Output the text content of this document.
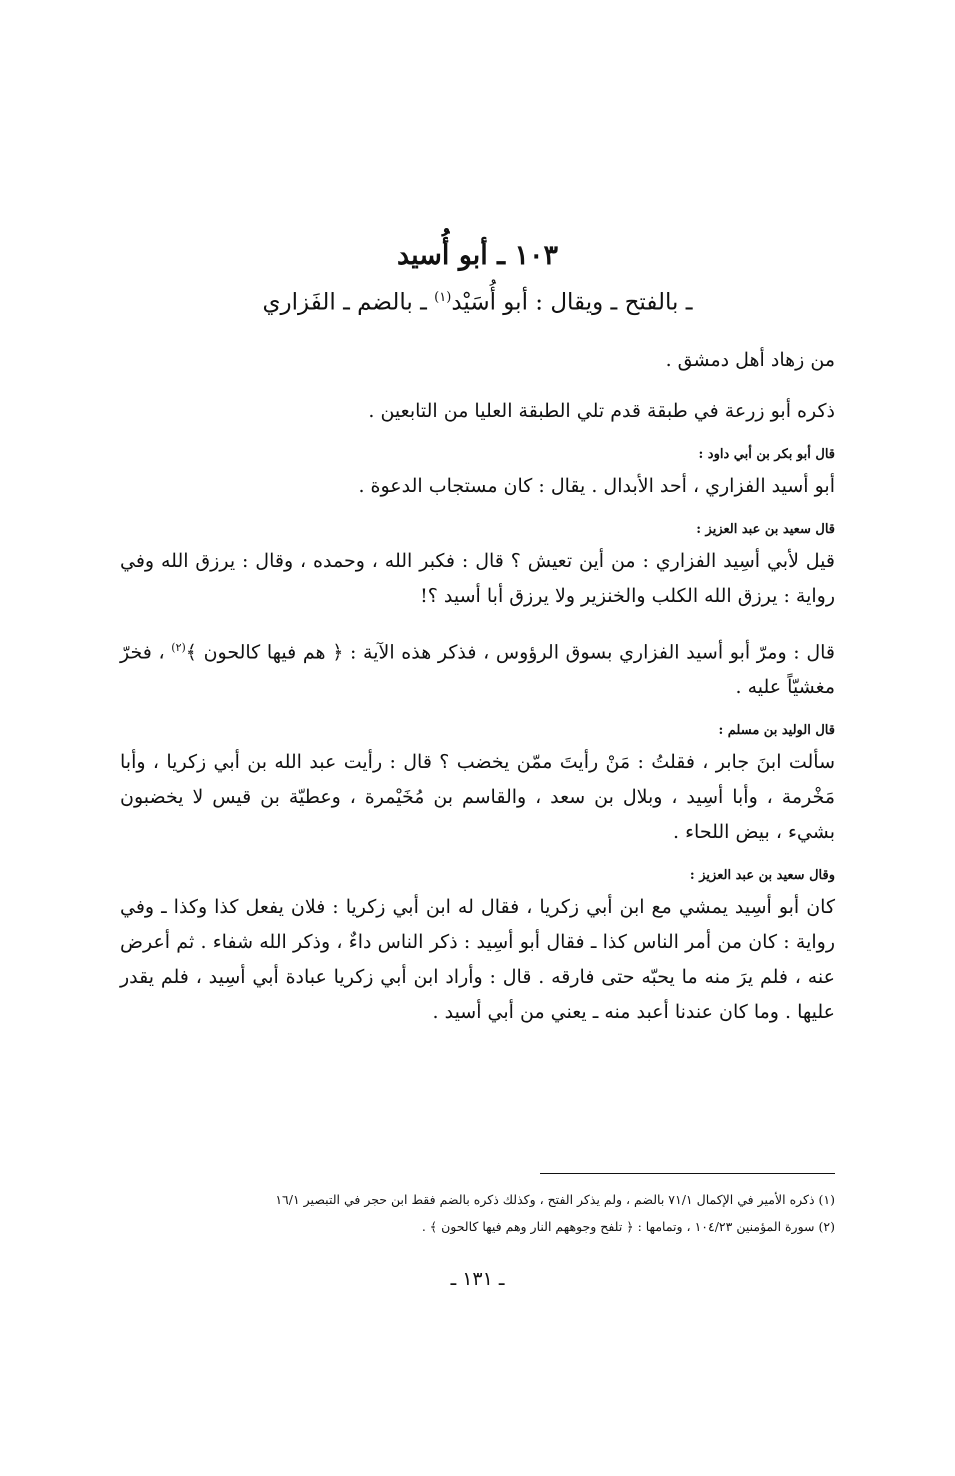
١٠٣ ـ أبو أُسيد
ـ بالفتح ـ ويقال : أبو أُسَيْد$^{(١)}$ ـ بالضم ـ الفَزاري

من زهاد أهل دمشق .

ذكره أبو زرعة في طبقة قدم تلي الطبقة العليا من التابعين .

قال أبو بكر بن أبي داود :

أبو أسيد الفزاري ، أحد الأبدال . يقال : كان مستجاب الدعوة .

قال سعيد بن عبد العزيز :

قيل لأبي أسِيد الفزاري : من أين تعيش ؟ قال : فكبر الله ، وحمده ، وقال : يرزق الله وفي رواية : يرزق الله الكلب والخنزير ولا يرزق أبا أسيد ؟!

قال : ومرّ أبو أسيد الفزاري بسوق الرؤوس ، فذكر هذه الآية : ﴿ هم فيها كالحون ﴾$^{(٢)}$ ، فخرّ مغشيّاً عليه .

قال الوليد بن مسلم :

سألت ابنَ جابر ، فقلتُ : مَنْ رأيتَ ممّن يخضب ؟ قال : رأيت عبد الله بن أبي زكريا ، وأبا مَخْرمة ، وأبا أسِيد ، وبلال بن سعد ، والقاسم بن مُخَيْمرة ، وعطيّة بن قيس لا يخضبون بشيء ، بيض اللحاء .

وقال سعيد بن عبد العزيز :

كان أبو أسِيد يمشي مع ابن أبي زكريا ، فقال له ابن أبي زكريا : فلان يفعل كذا وكذا ـ وفي رواية : كان من أمر الناس كذا ـ فقال أبو أسِيد : ذكر الناس داءٌ ، وذكر الله شفاء . ثم أعرض عنه ، فلم يرَ منه ما يحبّه حتى فارقه . قال : وأراد ابن أبي زكريا عبادة أبي أسِيد ، فلم يقدر عليها . وما كان عندنا أعبد منه ـ يعني من أبي أسيد .

(١) ذكره الأمير في الإكمال ٧١/١ بالضم ، ولم يذكر الفتح ، وكذلك ذكره بالضم فقط ابن حجر في التبصير ١٦/١
(٢) سورة المؤمنين ١٠٤/٢٣ ، وتمامها : ﴿ تلفح وجوههم النار وهم فيها كالحون ﴾ .
ـ ١٣١ ـ
